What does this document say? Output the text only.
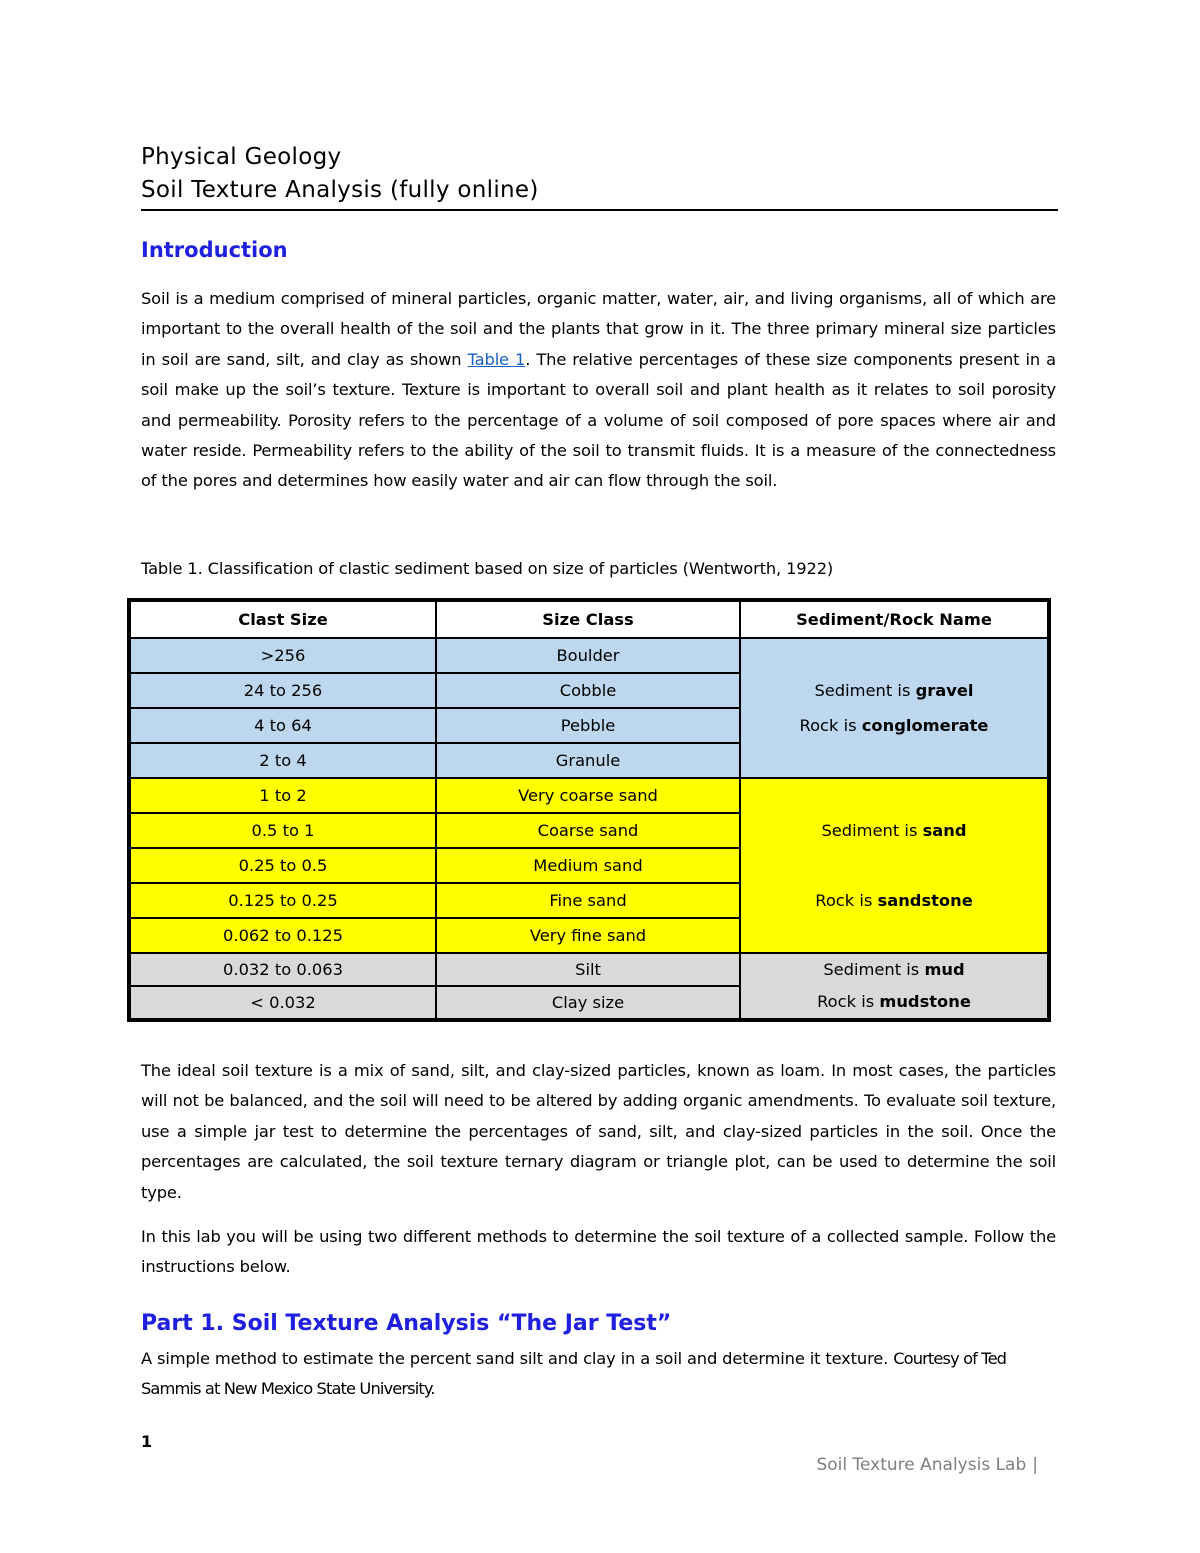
Physical Geology
Soil Texture Analysis (fully online)
Introduction
Soil is a medium comprised of mineral particles, organic matter, water, air, and living organisms, all of which are important to the overall health of the soil and the plants that grow in it. The three primary mineral size particles in soil are sand, silt, and clay as shown Table 1. The relative percentages of these size components present in a soil make up the soil’s texture. Texture is important to overall soil and plant health as it relates to soil porosity and permeability. Porosity refers to the percentage of a volume of soil composed of pore spaces where air and water reside. Permeability refers to the ability of the soil to transmit fluids. It is a measure of the connectedness of the pores and determines how easily water and air can flow through the soil.
Table 1. Classification of clastic sediment based on size of particles (Wentworth, 1922)
Clast Size	Size Class	Sediment/Rock Name
>256	Boulder	Sediment is gravel
Rock is conglomerate

24 to 256	Cobble	
4 to 64	Pebble	
2 to 4	Granule	
1 to 2	Very coarse sand	Sediment is sand
Rock is sandstone

0.5 to 1	Coarse sand	
0.25 to 0.5	Medium sand	
0.125 to 0.25	Fine sand	
0.062 to 0.125	Very fine sand	
0.032 to 0.063	Silt	Sediment is mud
Rock is mudstone

< 0.032	Clay size	
The ideal soil texture is a mix of sand, silt, and clay-sized particles, known as loam. In most cases, the particles will not be balanced, and the soil will need to be altered by adding organic amendments. To evaluate soil texture, use a simple jar test to determine the percentages of sand, silt, and clay-sized particles in the soil. Once the percentages are calculated, the soil texture ternary diagram or triangle plot, can be used to determine the soil type.
In this lab you will be using two different methods to determine the soil texture of a collected sample. Follow the instructions below.
Part 1. Soil Texture Analysis “The Jar Test”
A simple method to estimate the percent sand silt and clay in a soil and determine it texture. Courtesy of Ted Sammis at New Mexico State University.
1
Soil Texture Analysis Lab |
